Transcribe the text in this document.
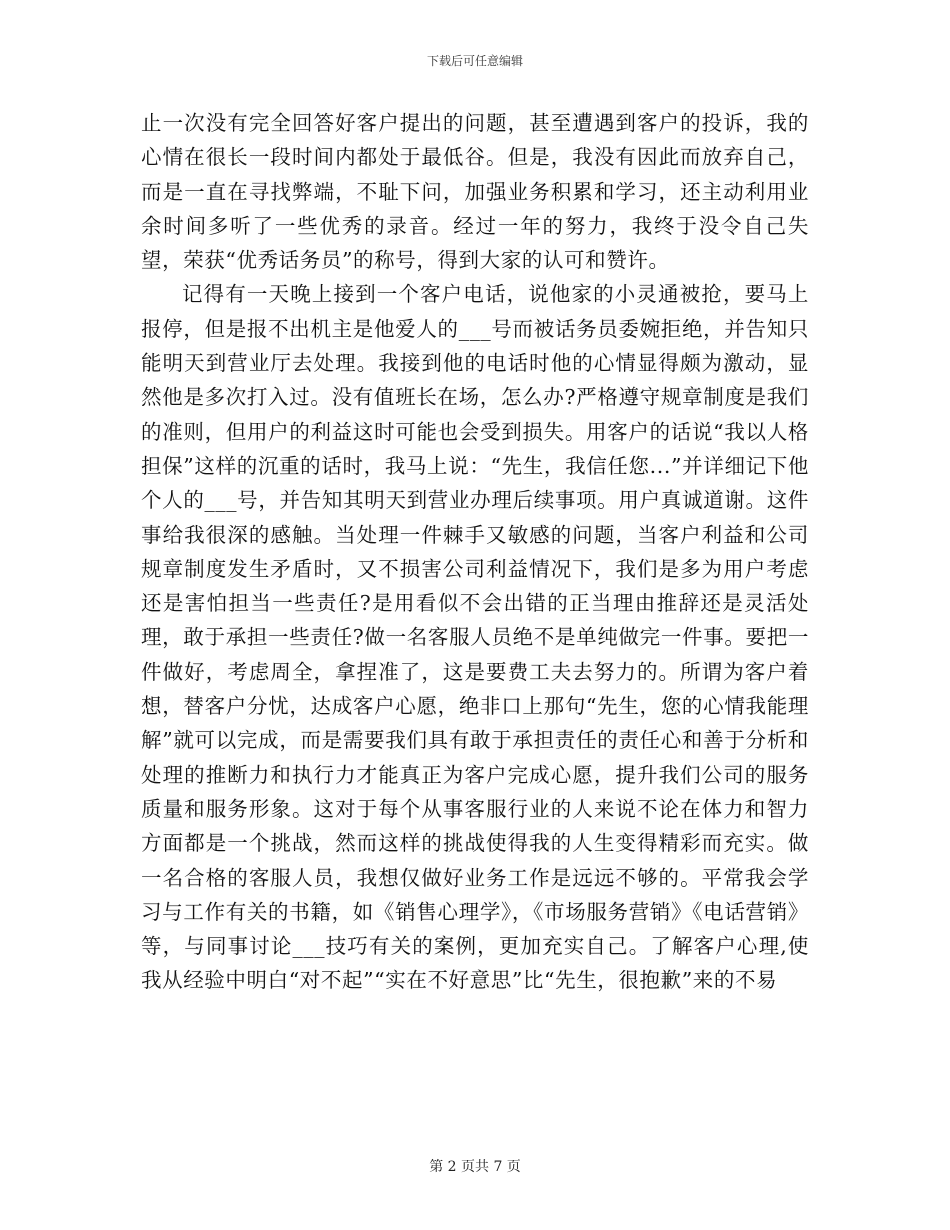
下载后可任意编辑

止一次没有完全回答好客户提出的问题，甚至遭遇到客户的投诉，我的心情在很长一段时间内都处于最低谷。但是，我没有因此而放弃自己，而是一直在寻找弊端，不耻下问，加强业务积累和学习，还主动利用业余时间多听了一些优秀的录音。经过一年的努力，我终于没令自己失望，荣获“优秀话务员”的称号，得到大家的认可和赞许。

记得有一天晚上接到一个客户电话，说他家的小灵通被抢，要马上报停，但是报不出机主是他爱人的___号而被话务员委婉拒绝，并告知只能明天到营业厅去处理。我接到他的电话时他的心情显得颇为激动，显然他是多次打入过。没有值班长在场，怎么办?严格遵守规章制度是我们的准则，但用户的利益这时可能也会受到损失。用客户的话说“我以人格担保”这样的沉重的话时，我马上说：“先生，我信任您...”并详细记下他个人的___号，并告知其明天到营业办理后续事项。用户真诚道谢。这件事给我很深的感触。当处理一件棘手又敏感的问题，当客户利益和公司规章制度发生矛盾时，又不损害公司利益情况下，我们是多为用户考虑还是害怕担当一些责任?是用看似不会出错的正当理由推辞还是灵活处理，敢于承担一些责任?做一名客服人员绝不是单纯做完一件事。要把一件做好，考虑周全，拿捏准了，这是要费工夫去努力的。所谓为客户着想，替客户分忧，达成客户心愿，绝非口上那句“先生，您的心情我能理解”就可以完成，而是需要我们具有敢于承担责任的责任心和善于分析和处理的推断力和执行力才能真正为客户完成心愿，提升我们公司的服务质量和服务形象。这对于每个从事客服行业的人来说不论在体力和智力方面都是一个挑战，然而这样的挑战使得我的人生变得精彩而充实。做一名合格的客服人员，我想仅做好业务工作是远远不够的。平常我会学习与工作有关的书籍，如《销售心理学》，《市场服务营销》《电话营销》等，与同事讨论___技巧有关的案例，更加充实自己。了解客户心理,使我从经验中明白“对不起”“实在不好意思”比“先生，很抱歉”来的不易

第 2 页共 7 页
